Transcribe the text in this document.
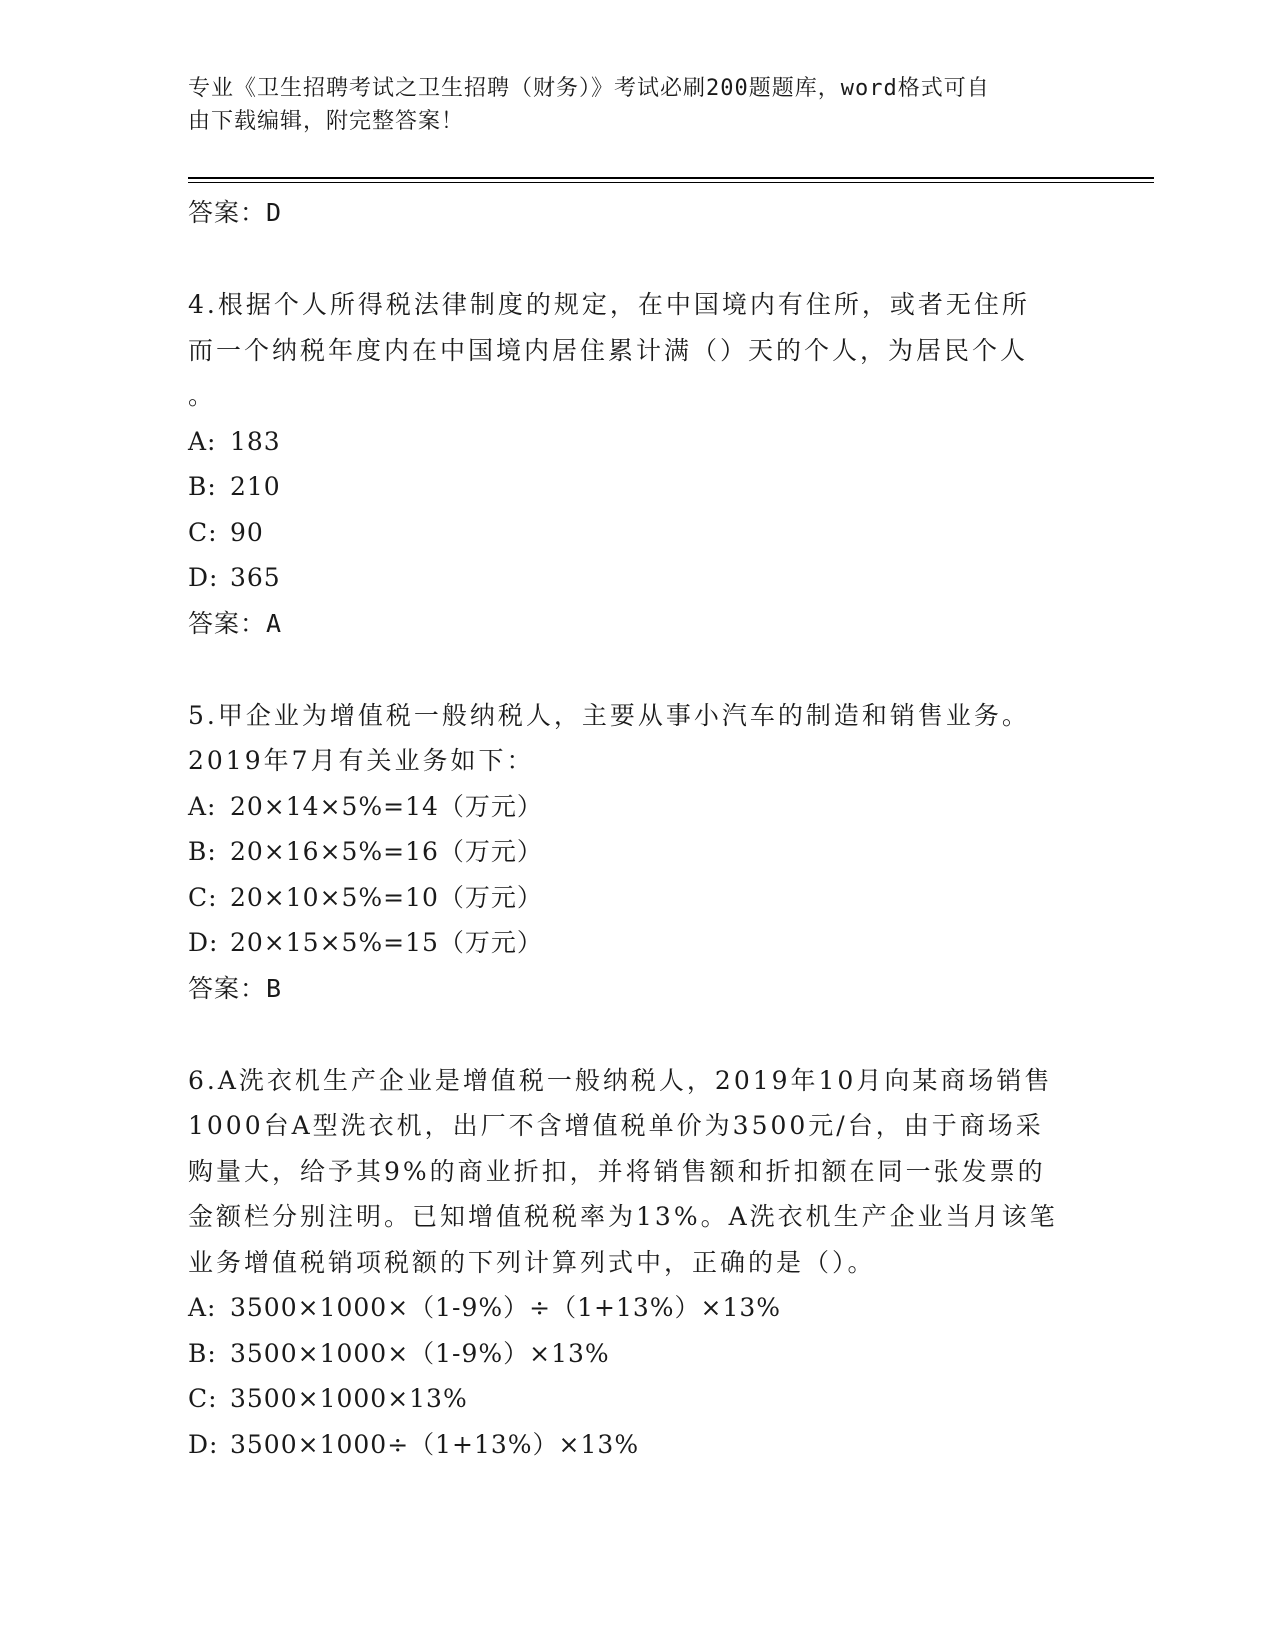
专业《卫生招聘考试之卫生招聘（财务）》考试必刷200题题库，word格式可自
由下载编辑，附完整答案！
答案：D
4.根据个人所得税法律制度的规定，在中国境内有住所，或者无住所
而一个纳税年度内在中国境内居住累计满（）天的个人，为居民个人
。
A: 183
B: 210
C: 90
D: 365
答案：A
5.甲企业为增值税一般纳税人，主要从事小汽车的制造和销售业务。
2019年7月有关业务如下：
A: 20×14×5%=14（万元）
B: 20×16×5%=16（万元）
C: 20×10×5%=10（万元）
D: 20×15×5%=15（万元）
答案：B
6.A洗衣机生产企业是增值税一般纳税人，2019年10月向某商场销售
1000台A型洗衣机，出厂不含增值税单价为3500元/台，由于商场采
购量大，给予其9%的商业折扣，并将销售额和折扣额在同一张发票的
金额栏分别注明。已知增值税税率为13%。A洗衣机生产企业当月该笔
业务增值税销项税额的下列计算列式中，正确的是（）。
A: 3500×1000×（1-9%）÷（1+13%）×13%
B: 3500×1000×（1-9%）×13%
C: 3500×1000×13%
D: 3500×1000÷（1+13%）×13%
